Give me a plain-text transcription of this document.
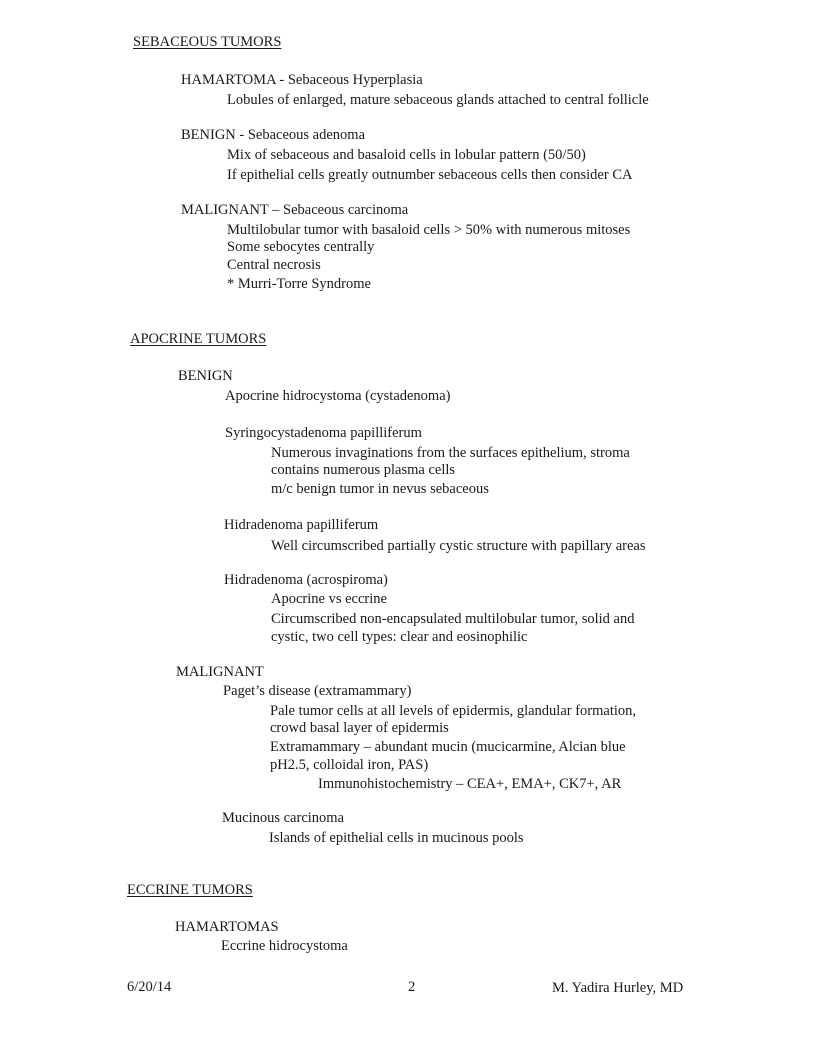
SEBACEOUS TUMORS
HAMARTOMA - Sebaceous Hyperplasia
Lobules of enlarged, mature sebaceous glands attached to central follicle
BENIGN - Sebaceous adenoma
Mix of sebaceous and basaloid cells in lobular pattern (50/50)
If epithelial cells greatly outnumber sebaceous cells then consider CA
MALIGNANT – Sebaceous carcinoma
Multilobular tumor with basaloid cells > 50% with numerous mitoses
Some sebocytes centrally
Central necrosis
* Murri-Torre Syndrome
APOCRINE TUMORS
BENIGN
Apocrine hidrocystoma (cystadenoma)
Syringocystadenoma papilliferum
Numerous invaginations from the surfaces epithelium, stroma
contains numerous plasma cells
m/c benign tumor in nevus sebaceous
Hidradenoma papilliferum
Well circumscribed partially cystic structure with papillary areas
Hidradenoma (acrospiroma)
Apocrine vs eccrine
Circumscribed non-encapsulated multilobular tumor, solid and
cystic, two cell types: clear and eosinophilic
MALIGNANT
Paget’s disease (extramammary)
Pale tumor cells at all levels of epidermis, glandular formation,
crowd basal layer of epidermis
Extramammary – abundant mucin (mucicarmine, Alcian blue
pH2.5, colloidal iron, PAS)
Immunohistochemistry – CEA+, EMA+, CK7+, AR
Mucinous carcinoma
Islands of epithelial cells in mucinous pools
ECCRINE TUMORS
HAMARTOMAS
Eccrine hidrocystoma
6/20/14	2	M. Yadira Hurley, MD
